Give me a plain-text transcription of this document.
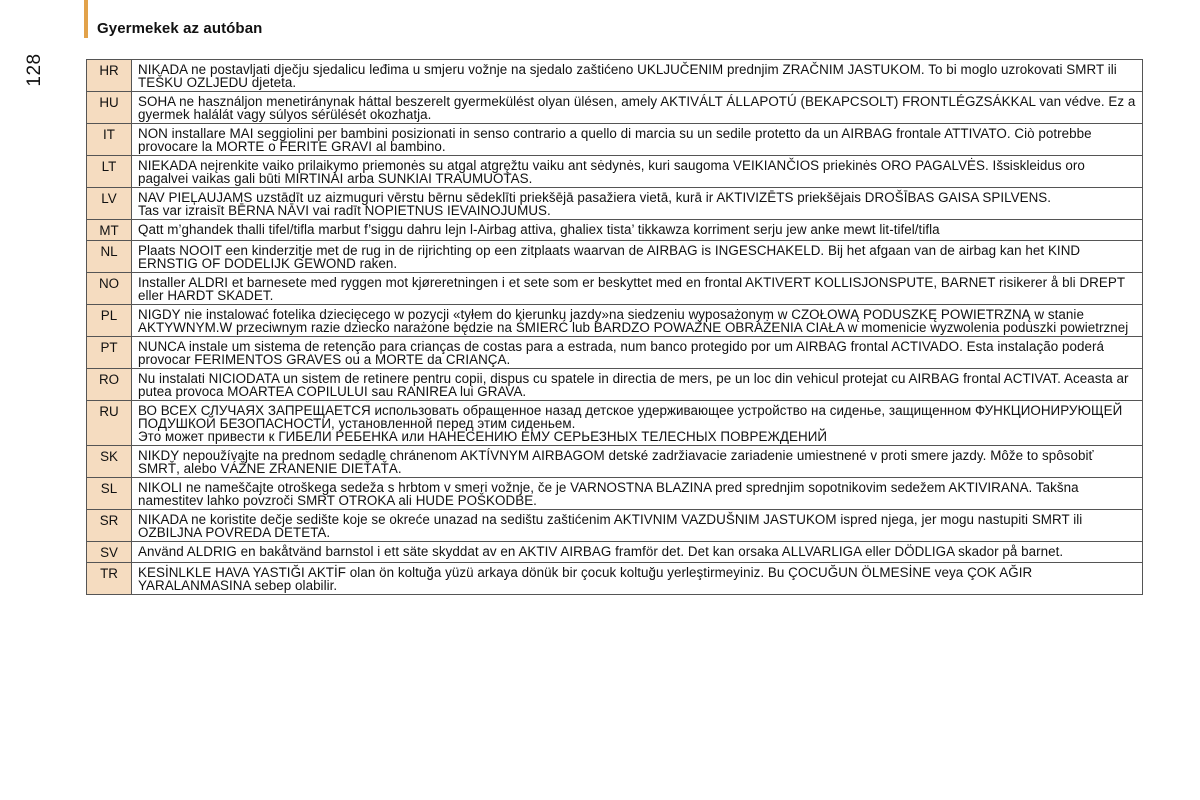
Gyermekek az autóban
128	HR	NIKADA ne postavljati dječju sjedalicu leđima u smjeru vožnje na sjedalo zaštićeno UKLJUČENIM prednjim ZRAČNIM JASTUKOM. To bi moglo uzrokovati SMRT ili TEŠKU OZLJEDU djeteta.
HU	SOHA ne használjon menetiránynak háttal beszerelt gyermekülést olyan ülésen, amely AKTIVÁLT ÁLLAPOTÚ (BEKAPCSOLT) FRONTLÉGZSÁKKAL van védve. Ez a gyermek halálát vagy súlyos sérülését okozhatja.
IT	NON installare MAI seggiolini per bambini posizionati in senso contrario a quello di marcia su un sedile protetto da un AIRBAG frontale ATTIVATO. Ciò potrebbe provocare la MORTE o FERITE GRAVI al bambino.
LT	NIEKADA neįrenkite vaiko prilaikymo priemonės su atgal atgręžtu vaiku ant sėdynės, kuri saugoma VEIKIANČIOS priekinės ORO PAGALVĖS. Išsiskleidus oro pagalvei vaikas gali būti MIRTINAI arba SUNKIAI TRAUMUOTAS.
LV	NAV PIEĻAUJAMS uzstādīt uz aizmuguri vērstu bērnu sēdeklīti priekšējā pasažiera vietā, kurā ir AKTIVIZĒTS priekšējais DROŠĪBAS GAISA SPILVENS.
Tas var izraisīt BĒRNA NĀVI vai radīt NOPIETNUS IEVAINOJUMUS.
MT	Qatt m’ghandek thalli tifel/tifla marbut f’siggu dahru lejn l-Airbag attiva, ghaliex tista’ tikkawza korriment serju jew anke mewt lit-tifel/tifla
NL	Plaats NOOIT een kinderzitje met de rug in de rijrichting op een zitplaats waarvan de AIRBAG is INGESCHAKELD. Bij het afgaan van de airbag kan het KIND ERNSTIG OF DODELIJK GEWOND raken.
NO	Installer ALDRI et barnesete med ryggen mot kjøreretningen i et sete som er beskyttet med en frontal AKTIVERT KOLLISJONSPUTE, BARNET risikerer å bli DREPT eller HARDT SKADET.
PL	NIGDY nie instalować fotelika dziecięcego w pozycji «tyłem do kierunku jazdy»na siedzeniu wyposażonym w CZOŁOWĄ PODUSZKĘ POWIETRZNĄ w stanie AKTYWNYM.W przeciwnym razie dziecko narażone będzie na ŚMIERĆ lub BARDZO POWAŻNE OBRAŻENIA CIAŁA w momenicie wyzwolenia poduszki powietrznej
PT	NUNCA instale um sistema de retenção para crianças de costas para a estrada, num banco protegido por um AIRBAG frontal ACTIVADO. Esta instalação poderá provocar FERIMENTOS GRAVES ou a MORTE da CRIANÇA.
RO	Nu instalati NICIODATA un sistem de retinere pentru copii, dispus cu spatele in directia de mers, pe un loc din vehicul protejat cu AIRBAG frontal ACTIVAT. Aceasta ar putea provoca MOARTEA COPILULUI sau RANIREA lui GRAVA.
RU	ВО ВСЕХ СЛУЧАЯХ ЗАПРЕЩАЕТСЯ использовать обращенное назад детское удерживающее устройство на сиденье, защищенном ФУНКЦИОНИРУЮЩЕЙ ПОДУШКОЙ БЕЗОПАСНОСТИ, установленной перед этим сиденьем.
Это может привести к ГИБЕЛИ РЕБЕНКА или НАНЕСЕНИЮ ЕМУ СЕРЬЕЗНЫХ ТЕЛЕСНЫХ ПОВРЕЖДЕНИЙ
SK	NIKDY nepoužívajte na prednom sedadle chránenom AKTÍVNYM AIRBAGOM detské zadržiavacie zariadenie umiestnené v proti smere jazdy. Môže to spôsobiť SMRŤ, alebo VÁŽNE ZRANENIE DIEŤAŤA.
SL	NIKOLI ne nameščajte otroškega sedeža s hrbtom v smeri vožnje, če je VARNOSTNA BLAZINA pred sprednjim sopotnikovim sedežem AKTIVIRANA. Takšna namestitev lahko povzroči SMRT OTROKA ali HUDE POŠKODBE.
SR	NIKADA ne koristite dečje sedište koje se okreće unazad na sedištu zaštićenim AKTIVNIM VAZDUŠNIM JASTUKOM ispred njega, jer mogu nastupiti SMRT ili OZBILJNA POVREDA DETETA.
SV	Använd ALDRIG en bakåtvänd barnstol i ett säte skyddat av en AKTIV AIRBAG framför det. Det kan orsaka ALLVARLIGA eller DÖDLIGA skador på barnet.
TR	KESİNLKLE HAVA YASTIĞI AKTİF olan ön koltuğa yüzü arkaya dönük bir çocuk koltuğu yerleştirmeyiniz. Bu ÇOCUĞUN ÖLMESİNE veya ÇOK AĞIR YARALANMASINA sebep olabilir.
